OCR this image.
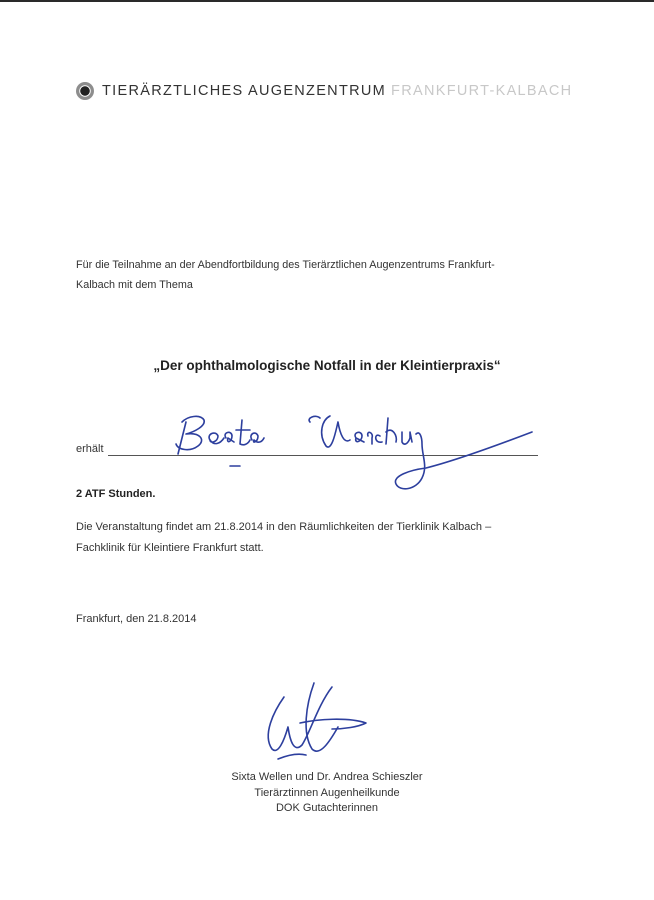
TIERÄRZTLICHES AUGENZENTRUM FRANKFURT-KALBACH
Für die Teilnahme an der Abendfortbildung des Tierärztlichen Augenzentrums Frankfurt-
Kalbach mit dem Thema
„Der ophthalmologische Notfall in der Kleintierpraxis“
erhält
2 ATF Stunden.
Die Veranstaltung findet am 21.8.2014 in den Räumlichkeiten der Tierklinik Kalbach –
Fachklinik für Kleintiere Frankfurt statt.
Frankfurt, den 21.8.2014
Sixta Wellen und Dr. Andrea Schieszler
Tierärztinnen Augenheilkunde
DOK Gutachterinnen
